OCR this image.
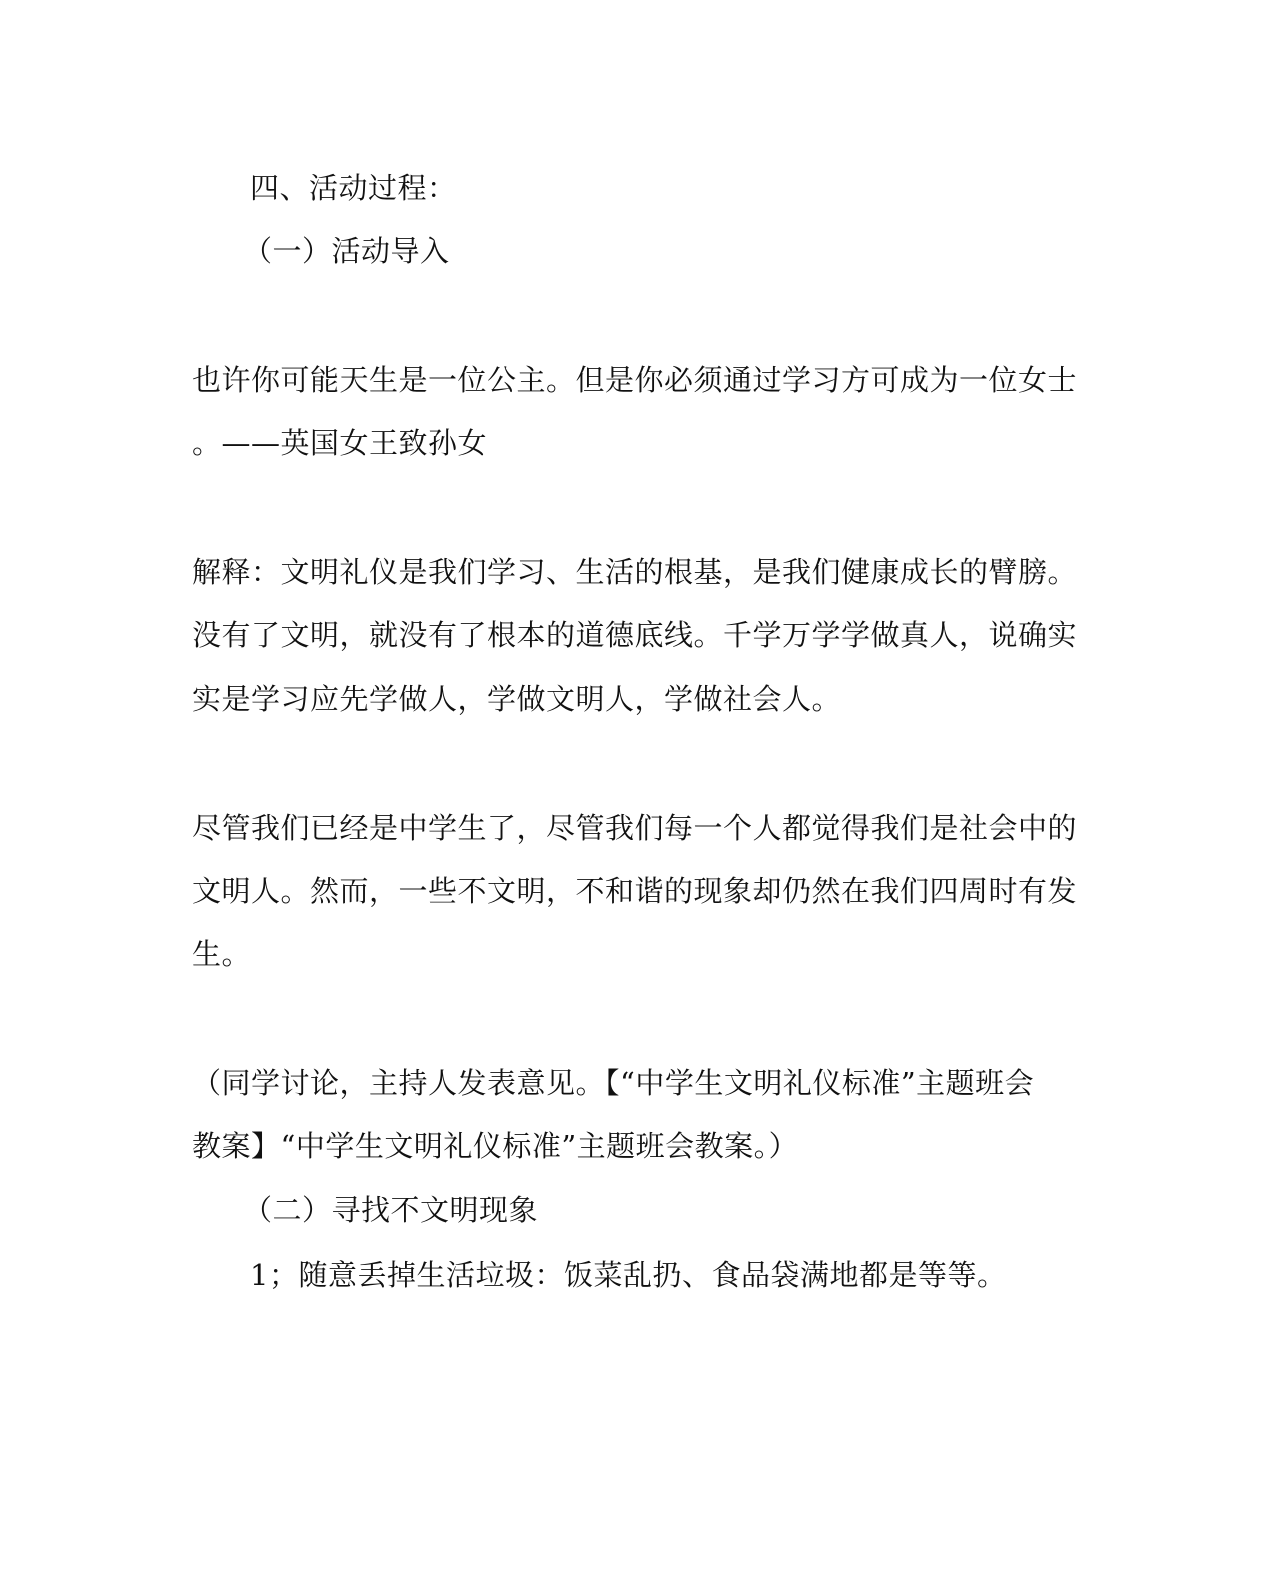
四、活动过程：
（一）活动导入
也许你可能天生是一位公主。但是你必须通过学习方可成为一位女士
。——英国女王致孙女
解释：文明礼仪是我们学习、生活的根基，是我们健康成长的臂膀。
没有了文明，就没有了根本的道德底线。千学万学学做真人，说确实
实是学习应先学做人，学做文明人，学做社会人。
尽管我们已经是中学生了，尽管我们每一个人都觉得我们是社会中的
文明人。然而，一些不文明，不和谐的现象却仍然在我们四周时有发
生。
（同学讨论，主持人发表意见。【“中学生文明礼仪标准”主题班会
教案】“中学生文明礼仪标准”主题班会教案。）
（二）寻找不文明现象
1；随意丢掉生活垃圾：饭菜乱扔、食品袋满地都是等等。
